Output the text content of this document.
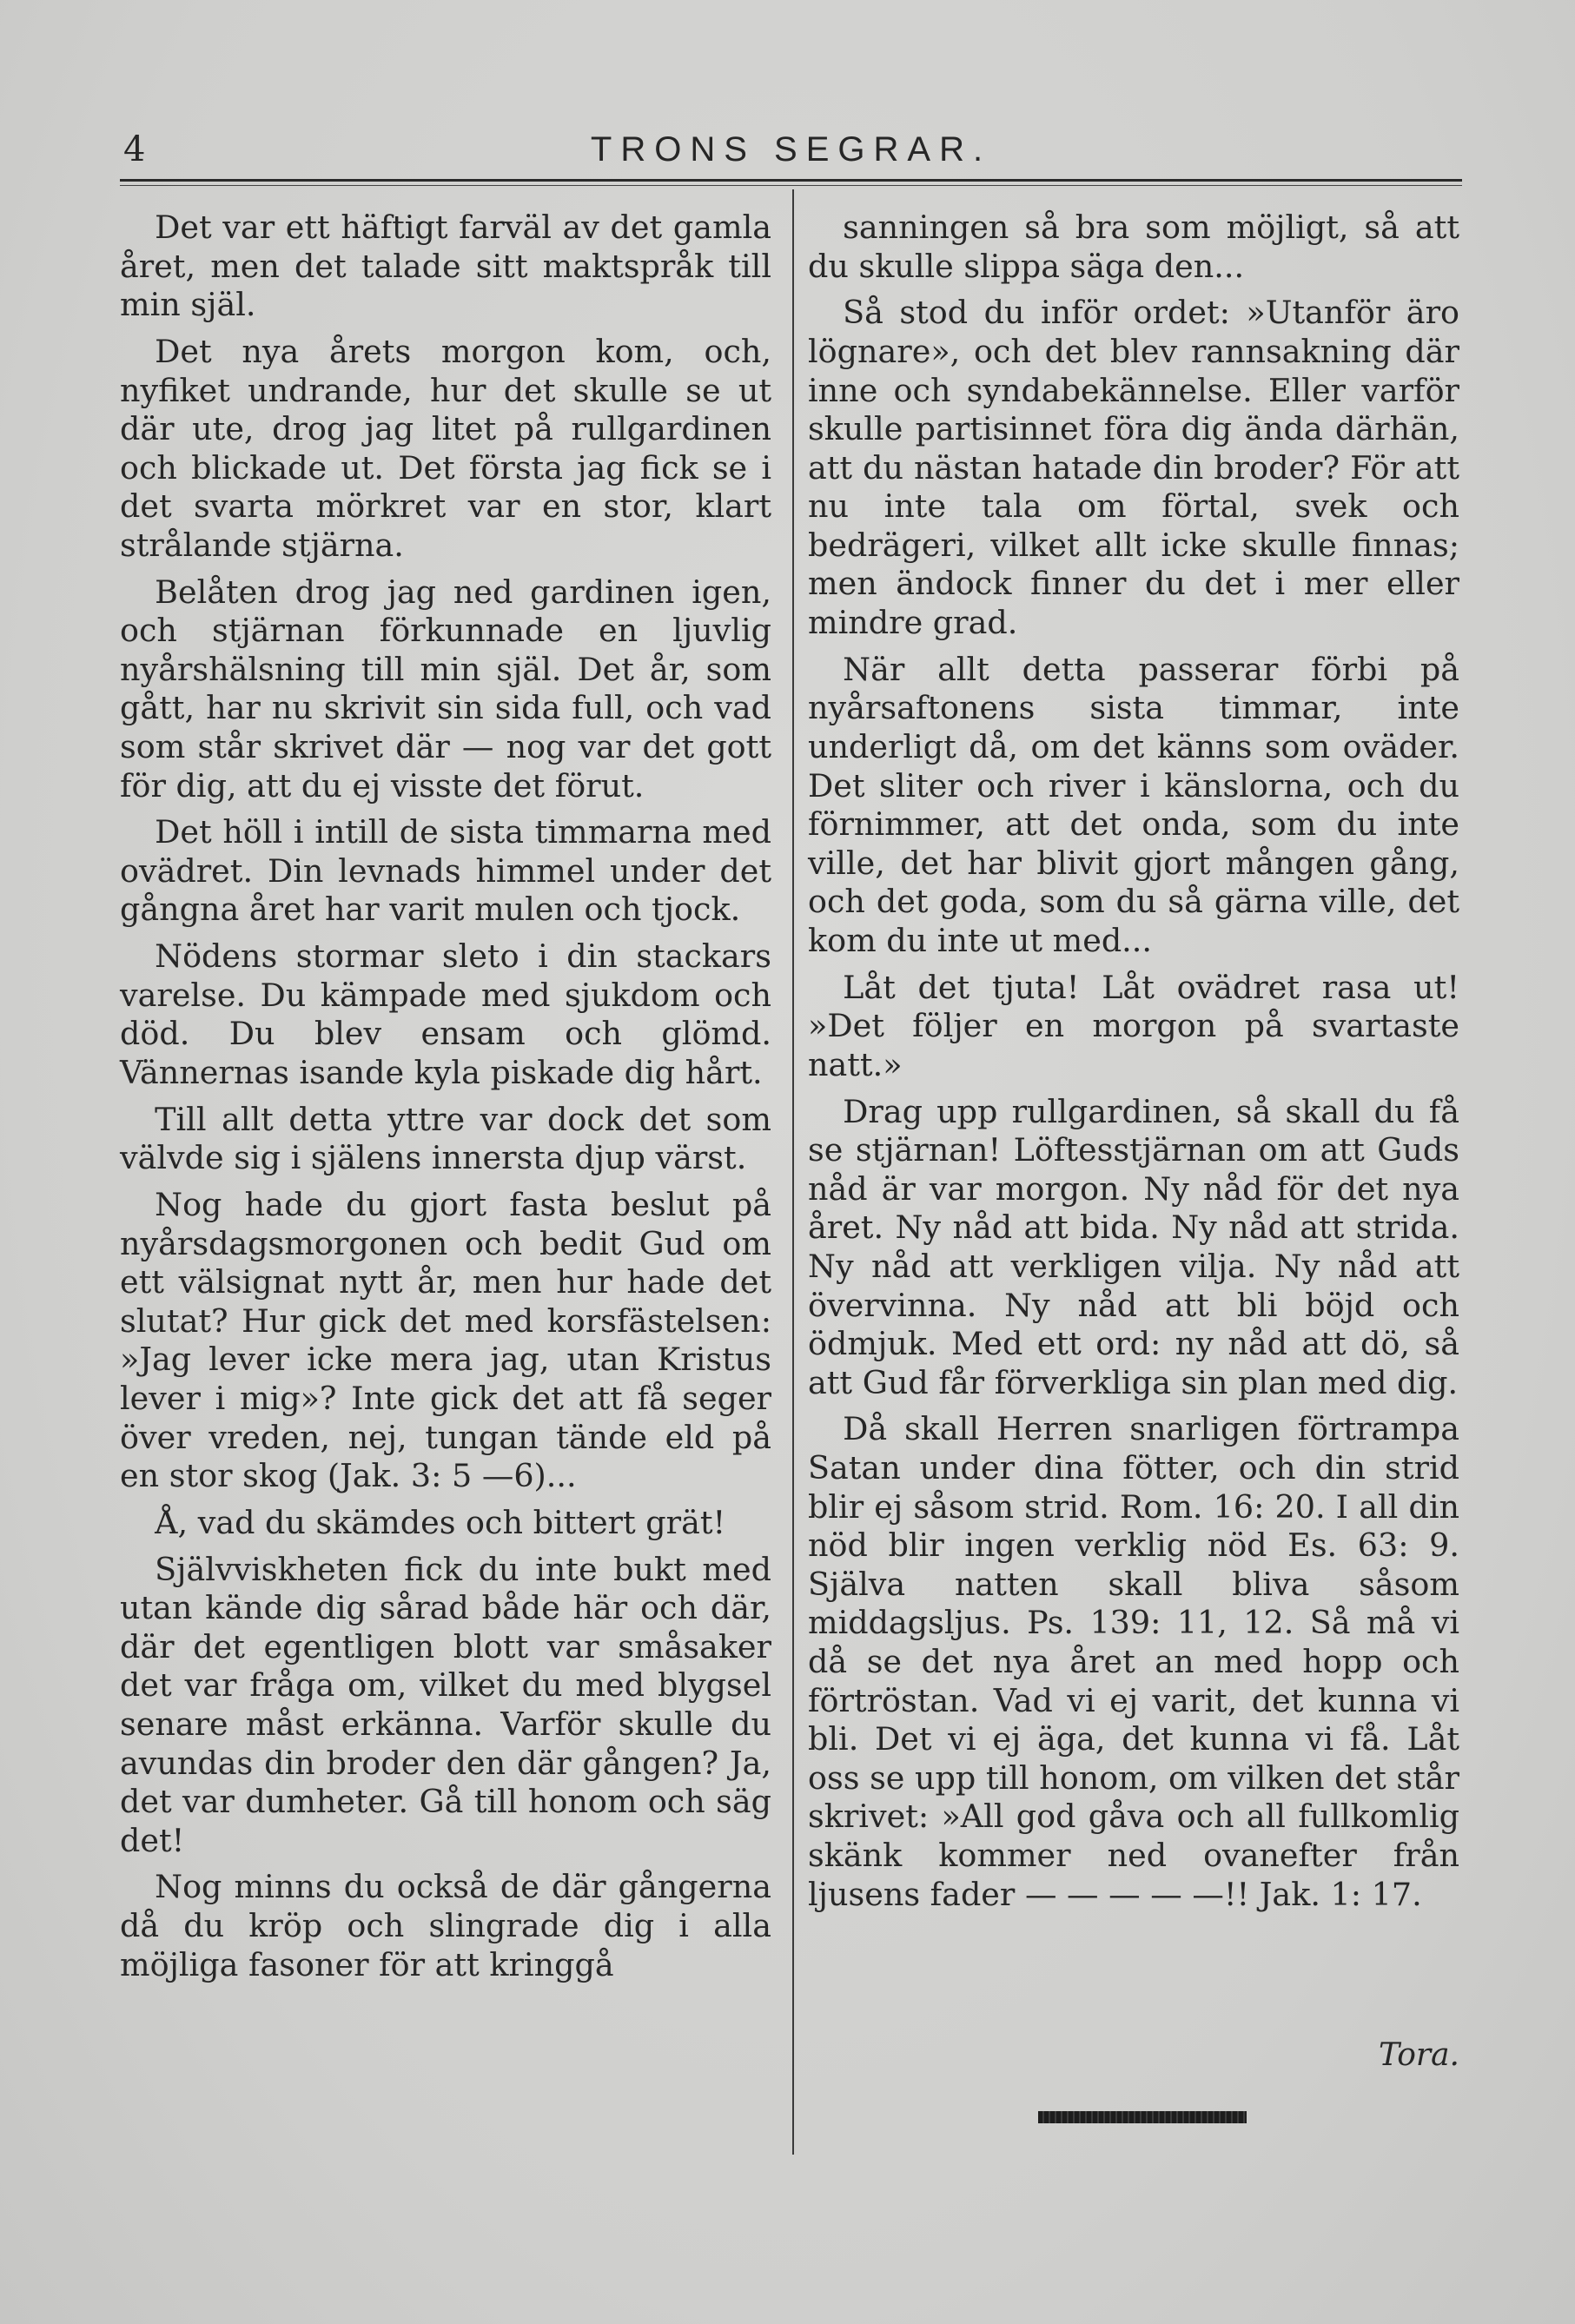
4	TRONS SEGRAR.

Det var ett häftigt farväl av det gamla året, men det talade sitt maktspråk till min själ.

Det nya årets morgon kom, och, nyfiket undrande, hur det skulle se ut där ute, drog jag litet på rullgardinen och blickade ut. Det första jag fick se i det svarta mörkret var en stor, klart strålande stjärna.

Belåten drog jag ned gardinen igen, och stjärnan förkunnade en ljuvlig nyårshälsning till min själ. Det år, som gått, har nu skrivit sin sida full, och vad som står skrivet där — nog var det gott för dig, att du ej visste det förut.

Det höll i intill de sista timmarna med ovädret. Din levnads himmel under det gångna året har varit mulen och tjock.

Nödens stormar sleto i din stackars varelse. Du kämpade med sjukdom och död. Du blev ensam och glömd. Vännernas isande kyla piskade dig hårt.

Till allt detta yttre var dock det som välvde sig i själens innersta djup värst.

Nog hade du gjort fasta beslut på nyårsdagsmorgonen och bedit Gud om ett välsignat nytt år, men hur hade det slutat? Hur gick det med korsfästelsen: »Jag lever icke mera jag, utan Kristus lever i mig»? Inte gick det att få seger över vreden, nej, tungan tände eld på en stor skog (Jak. 3: 5 —6)...

Å, vad du skämdes och bittert grät!

Självviskheten fick du inte bukt med utan kände dig sårad både här och där, där det egentligen blott var småsaker det var fråga om, vilket du med blygsel senare måst erkänna. Varför skulle du avundas din broder den där gången? Ja, det var dumheter. Gå till honom och säg det!

Nog minns du också de där gångerna då du kröp och slingrade dig i alla möjliga fasoner för att kringgå

sanningen så bra som möjligt, så att du skulle slippa säga den...

Så stod du inför ordet: »Utanför äro lögnare», och det blev rannsakning där inne och syndabekännelse. Eller varför skulle partisinnet föra dig ända därhän, att du nästan hatade din broder? För att nu inte tala om förtal, svek och bedrägeri, vilket allt icke skulle finnas; men ändock finner du det i mer eller mindre grad.

När allt detta passerar förbi på nyårsaftonens sista timmar, inte underligt då, om det känns som oväder. Det sliter och river i känslorna, och du förnimmer, att det onda, som du inte ville, det har blivit gjort mången gång, och det goda, som du så gärna ville, det kom du inte ut med...

Låt det tjuta! Låt ovädret rasa ut! »Det följer en morgon på svartaste natt.»

Drag upp rullgardinen, så skall du få se stjärnan! Löftesstjärnan om att Guds nåd är var morgon. Ny nåd för det nya året. Ny nåd att bida. Ny nåd att strida. Ny nåd att verkligen vilja. Ny nåd att övervinna. Ny nåd att bli böjd och ödmjuk. Med ett ord: ny nåd att dö, så att Gud får förverkliga sin plan med dig.

Då skall Herren snarligen förtrampa Satan under dina fötter, och din strid blir ej såsom strid. Rom. 16: 20. I all din nöd blir ingen verklig nöd Es. 63: 9. Själva natten skall bliva såsom middagsljus. Ps. 139: 11, 12. Så må vi då se det nya året an med hopp och förtröstan. Vad vi ej varit, det kunna vi bli. Det vi ej äga, det kunna vi få. Låt oss se upp till honom, om vilken det står skrivet: »All god gåva och all fullkomlig skänk kommer ned ovanefter från ljusens fader — — — — —!! Jak. 1: 17.

Tora.
